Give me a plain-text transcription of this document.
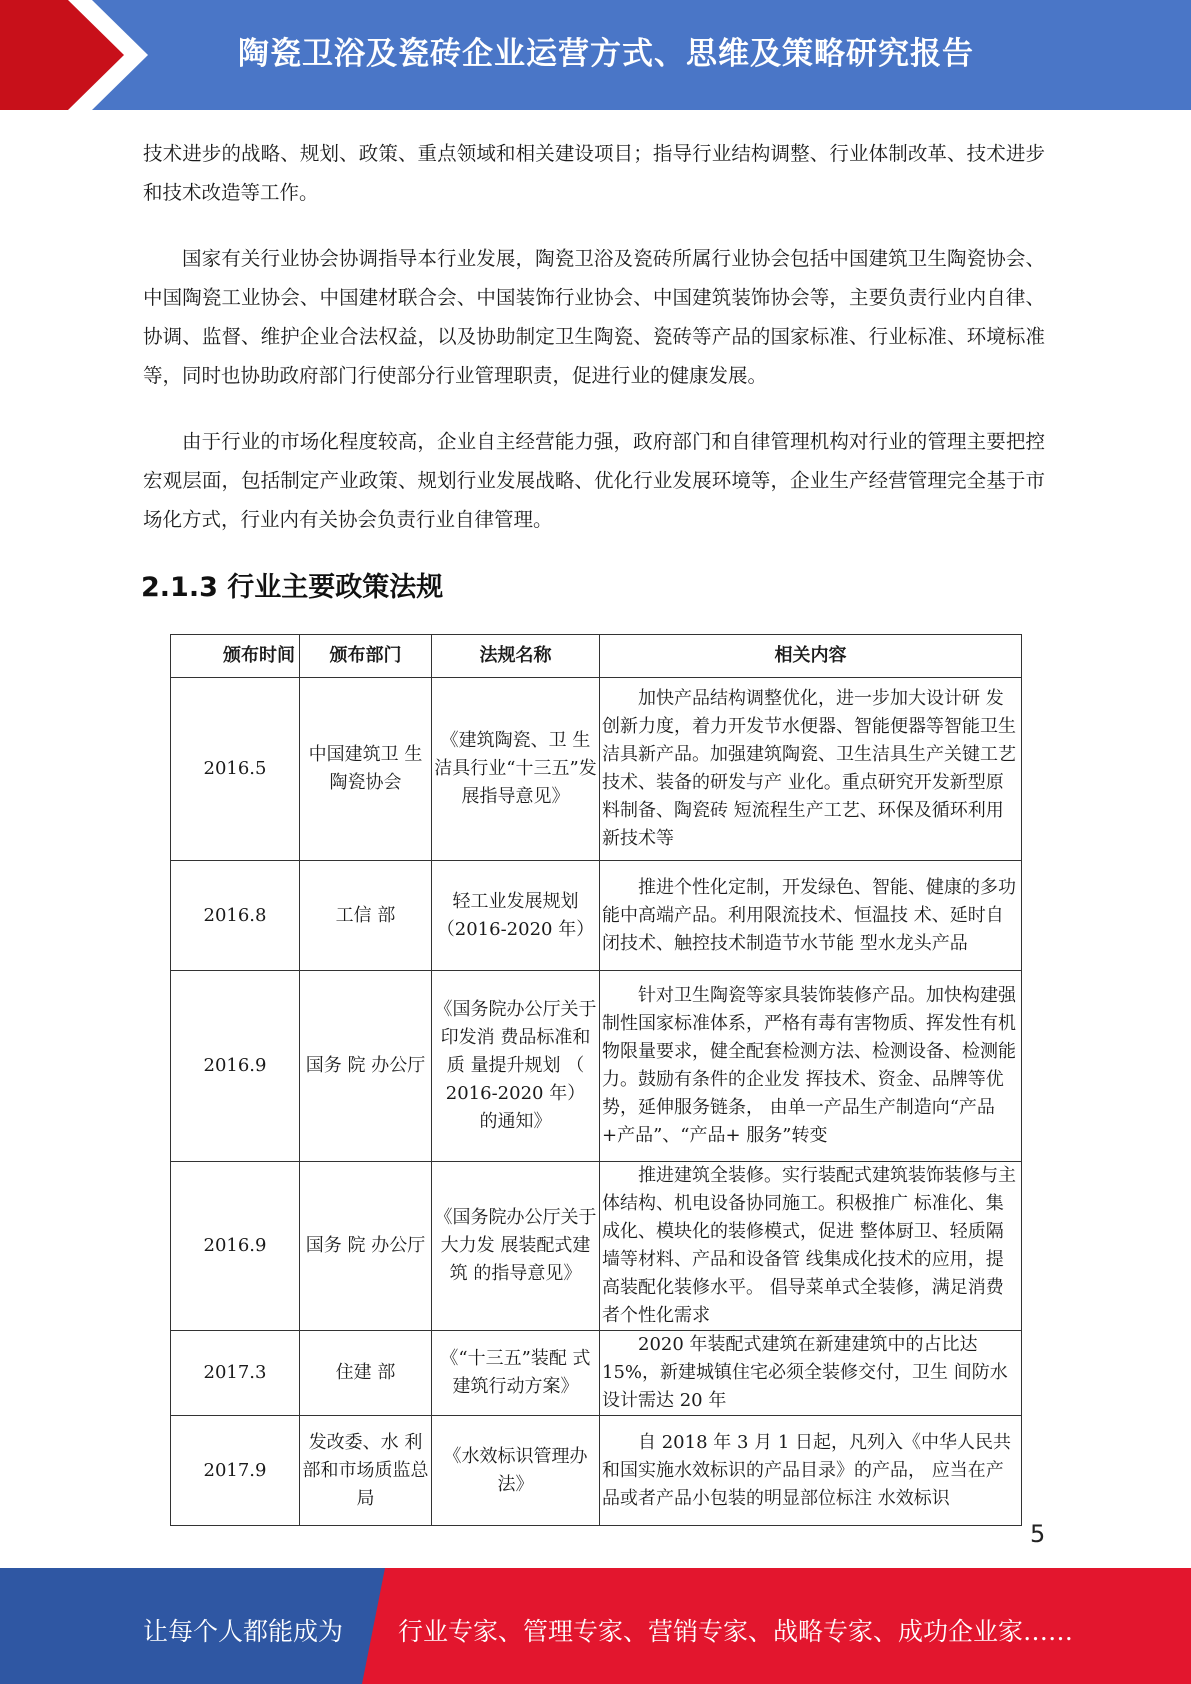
陶瓷卫浴及瓷砖企业运营方式、思维及策略研究报告

技术进步的战略、规划、政策、重点领域和相关建设项目；指导行业结构调整、行业体制改革、技术进步和技术改造等工作。

国家有关行业协会协调指导本行业发展，陶瓷卫浴及瓷砖所属行业协会包括中国建筑卫生陶瓷协会、中国陶瓷工业协会、中国建材联合会、中国装饰行业协会、中国建筑装饰协会等，主要负责行业内自律、协调、监督、维护企业合法权益，以及协助制定卫生陶瓷、瓷砖等产品的国家标准、行业标准、环境标准等，同时也协助政府部门行使部分行业管理职责，促进行业的健康发展。

由于行业的市场化程度较高，企业自主经营能力强，政府部门和自律管理机构对行业的管理主要把控宏观层面，包括制定产业政策、规划行业发展战略、优化行业发展环境等，企业生产经营管理完全基于市场化方式，行业内有关协会负责行业自律管理。

2.1.3 行业主要政策法规
颁布时间	颁布部门	法规名称	相关内容
2016.5	中国建筑卫 生陶瓷协会	《建筑陶瓷、卫 生洁具行业“十三五”发展指导意见》	加快产品结构调整优化，进一步加大设计研 发创新力度，着力开发节水便器、智能便器等智能卫生洁具新产品。加强建筑陶瓷、卫生洁具生产关键工艺技术、装备的研发与产 业化。重点研究开发新型原料制备、陶瓷砖 短流程生产工艺、环保及循环利用新技术等
2016.8	工信 部	轻工业发展规划（2016-2020 年）	推进个性化定制，开发绿色、智能、健康的多功能中高端产品。利用限流技术、恒温技 术、延时自闭技术、触控技术制造节水节能 型水龙头产品
2016.9	国务 院 办公厅	《国务院办公厅关于印发消 费品标准和质 量提升规划 （ 2016-2020 年） 的通知》	针对卫生陶瓷等家具装饰装修产品。加快构建强制性国家标准体系，严格有毒有害物质、挥发性有机物限量要求，健全配套检测方法、检测设备、检测能力。鼓励有条件的企业发 挥技术、资金、品牌等优势，延伸服务链条， 由单一产品生产制造向“产品+产品”、“产品+ 服务”转变
2016.9	国务 院 办公厅	《国务院办公厅关于大力发 展装配式建筑 的指导意见》	推进建筑全装修。实行装配式建筑装饰装修与主体结构、机电设备协同施工。积极推广 标准化、集成化、模块化的装修模式，促进 整体厨卫、轻质隔墙等材料、产品和设备管 线集成化技术的应用，提高装配化装修水平。 倡导菜单式全装修，满足消费者个性化需求
2017.3	住建 部	《“十三五”装配 式建筑行动方案》	2020 年装配式建筑在新建建筑中的占比达15%，新建城镇住宅必须全装修交付，卫生 间防水设计需达 20 年
2017.9	发改委、水 利部和市场质监总局	《水效标识管理办法》	自 2018 年 3 月 1 日起，凡列入《中华人民共和国实施水效标识的产品目录》的产品， 应当在产品或者产品小包装的明显部位标注 水效标识
5
让每个人都能成为 行业专家、管理专家、营销专家、战略专家、成功企业家……
